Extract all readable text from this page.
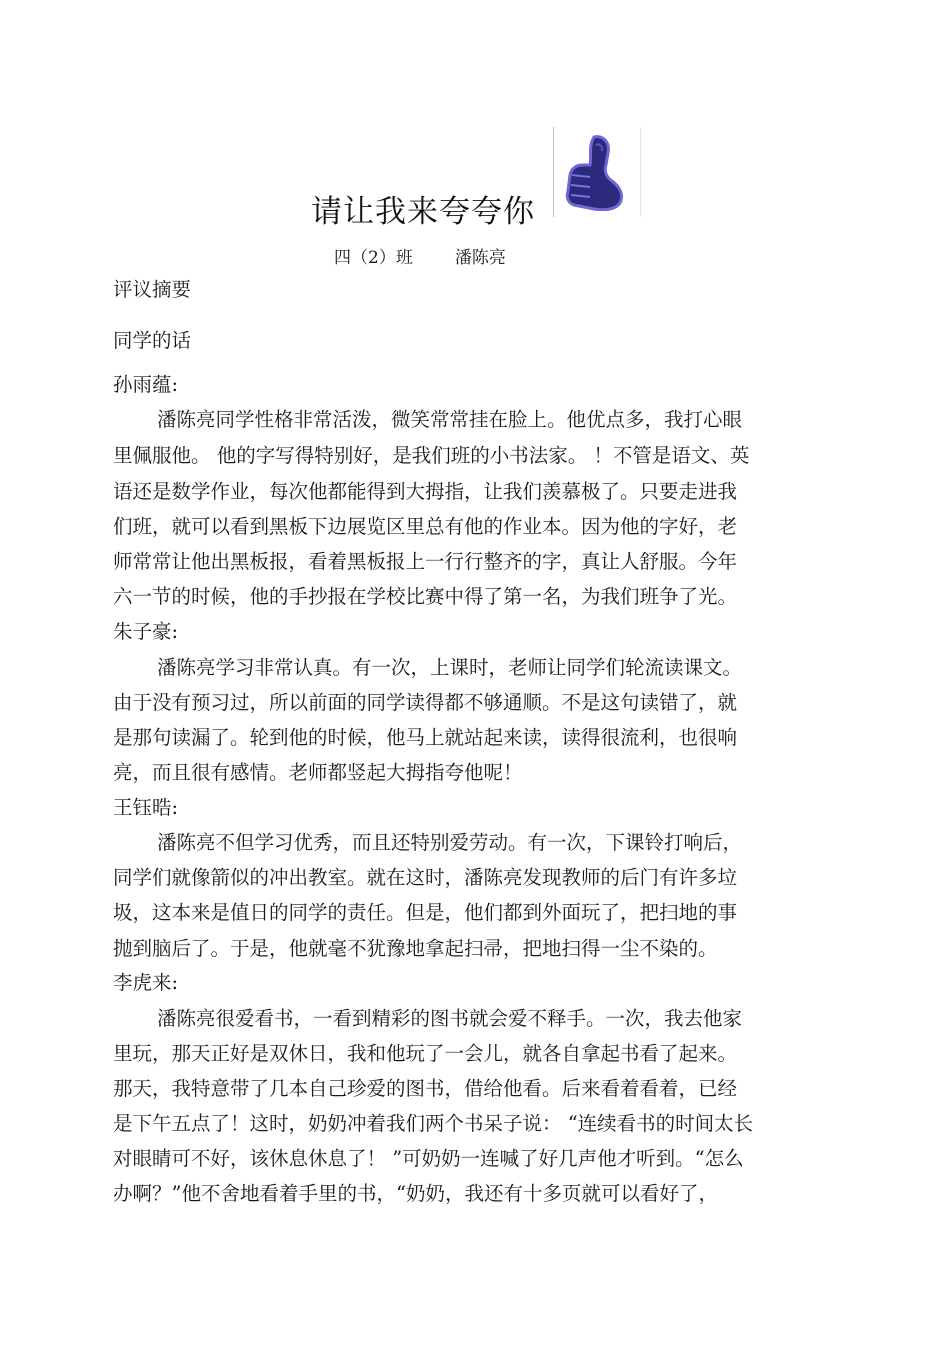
请让我来夸夸你
四（2）班 潘陈亮
评议摘要
同学的话
孙雨蕴:
潘陈亮同学性格非常活泼，微笑常常挂在脸上。他优点多，我打心眼
里佩服他。 他的字写得特别好，是我们班的小书法家。 ！不管是语文、英
语还是数学作业，每次他都能得到大拇指，让我们羡慕极了。只要走进我
们班，就可以看到黑板下边展览区里总有他的作业本。因为他的字好，老
师常常让他出黑板报，看着黑板报上一行行整齐的字，真让人舒服。今年
六一节的时候，他的手抄报在学校比赛中得了第一名，为我们班争了光。
朱子豪:
潘陈亮学习非常认真。有一次，上课时，老师让同学们轮流读课文。
由于没有预习过，所以前面的同学读得都不够通顺。不是这句读错了，就
是那句读漏了。轮到他的时候，他马上就站起来读，读得很流利，也很响
亮，而且很有感情。老师都竖起大拇指夸他呢！
王钰晧:
潘陈亮不但学习优秀，而且还特别爱劳动。有一次，下课铃打响后，
同学们就像箭似的冲出教室。就在这时，潘陈亮发现教师的后门有许多垃
圾，这本来是值日的同学的责任。但是，他们都到外面玩了，把扫地的事
抛到脑后了。于是，他就毫不犹豫地拿起扫帚，把地扫得一尘不染的。
李虎来:
潘陈亮很爱看书，一看到精彩的图书就会爱不释手。一次，我去他家
里玩，那天正好是双休日，我和他玩了一会儿，就各自拿起书看了起来。
那天，我特意带了几本自己珍爱的图书，借给他看。后来看着看着，已经
是下午五点了！这时，奶奶冲着我们两个书呆子说： “连续看书的时间太长
对眼睛可不好，该休息休息了！ ”可奶奶一连喊了好几声他才听到。“怎么
办啊？”他不舍地看着手里的书，“奶奶，我还有十多页就可以看好了，
